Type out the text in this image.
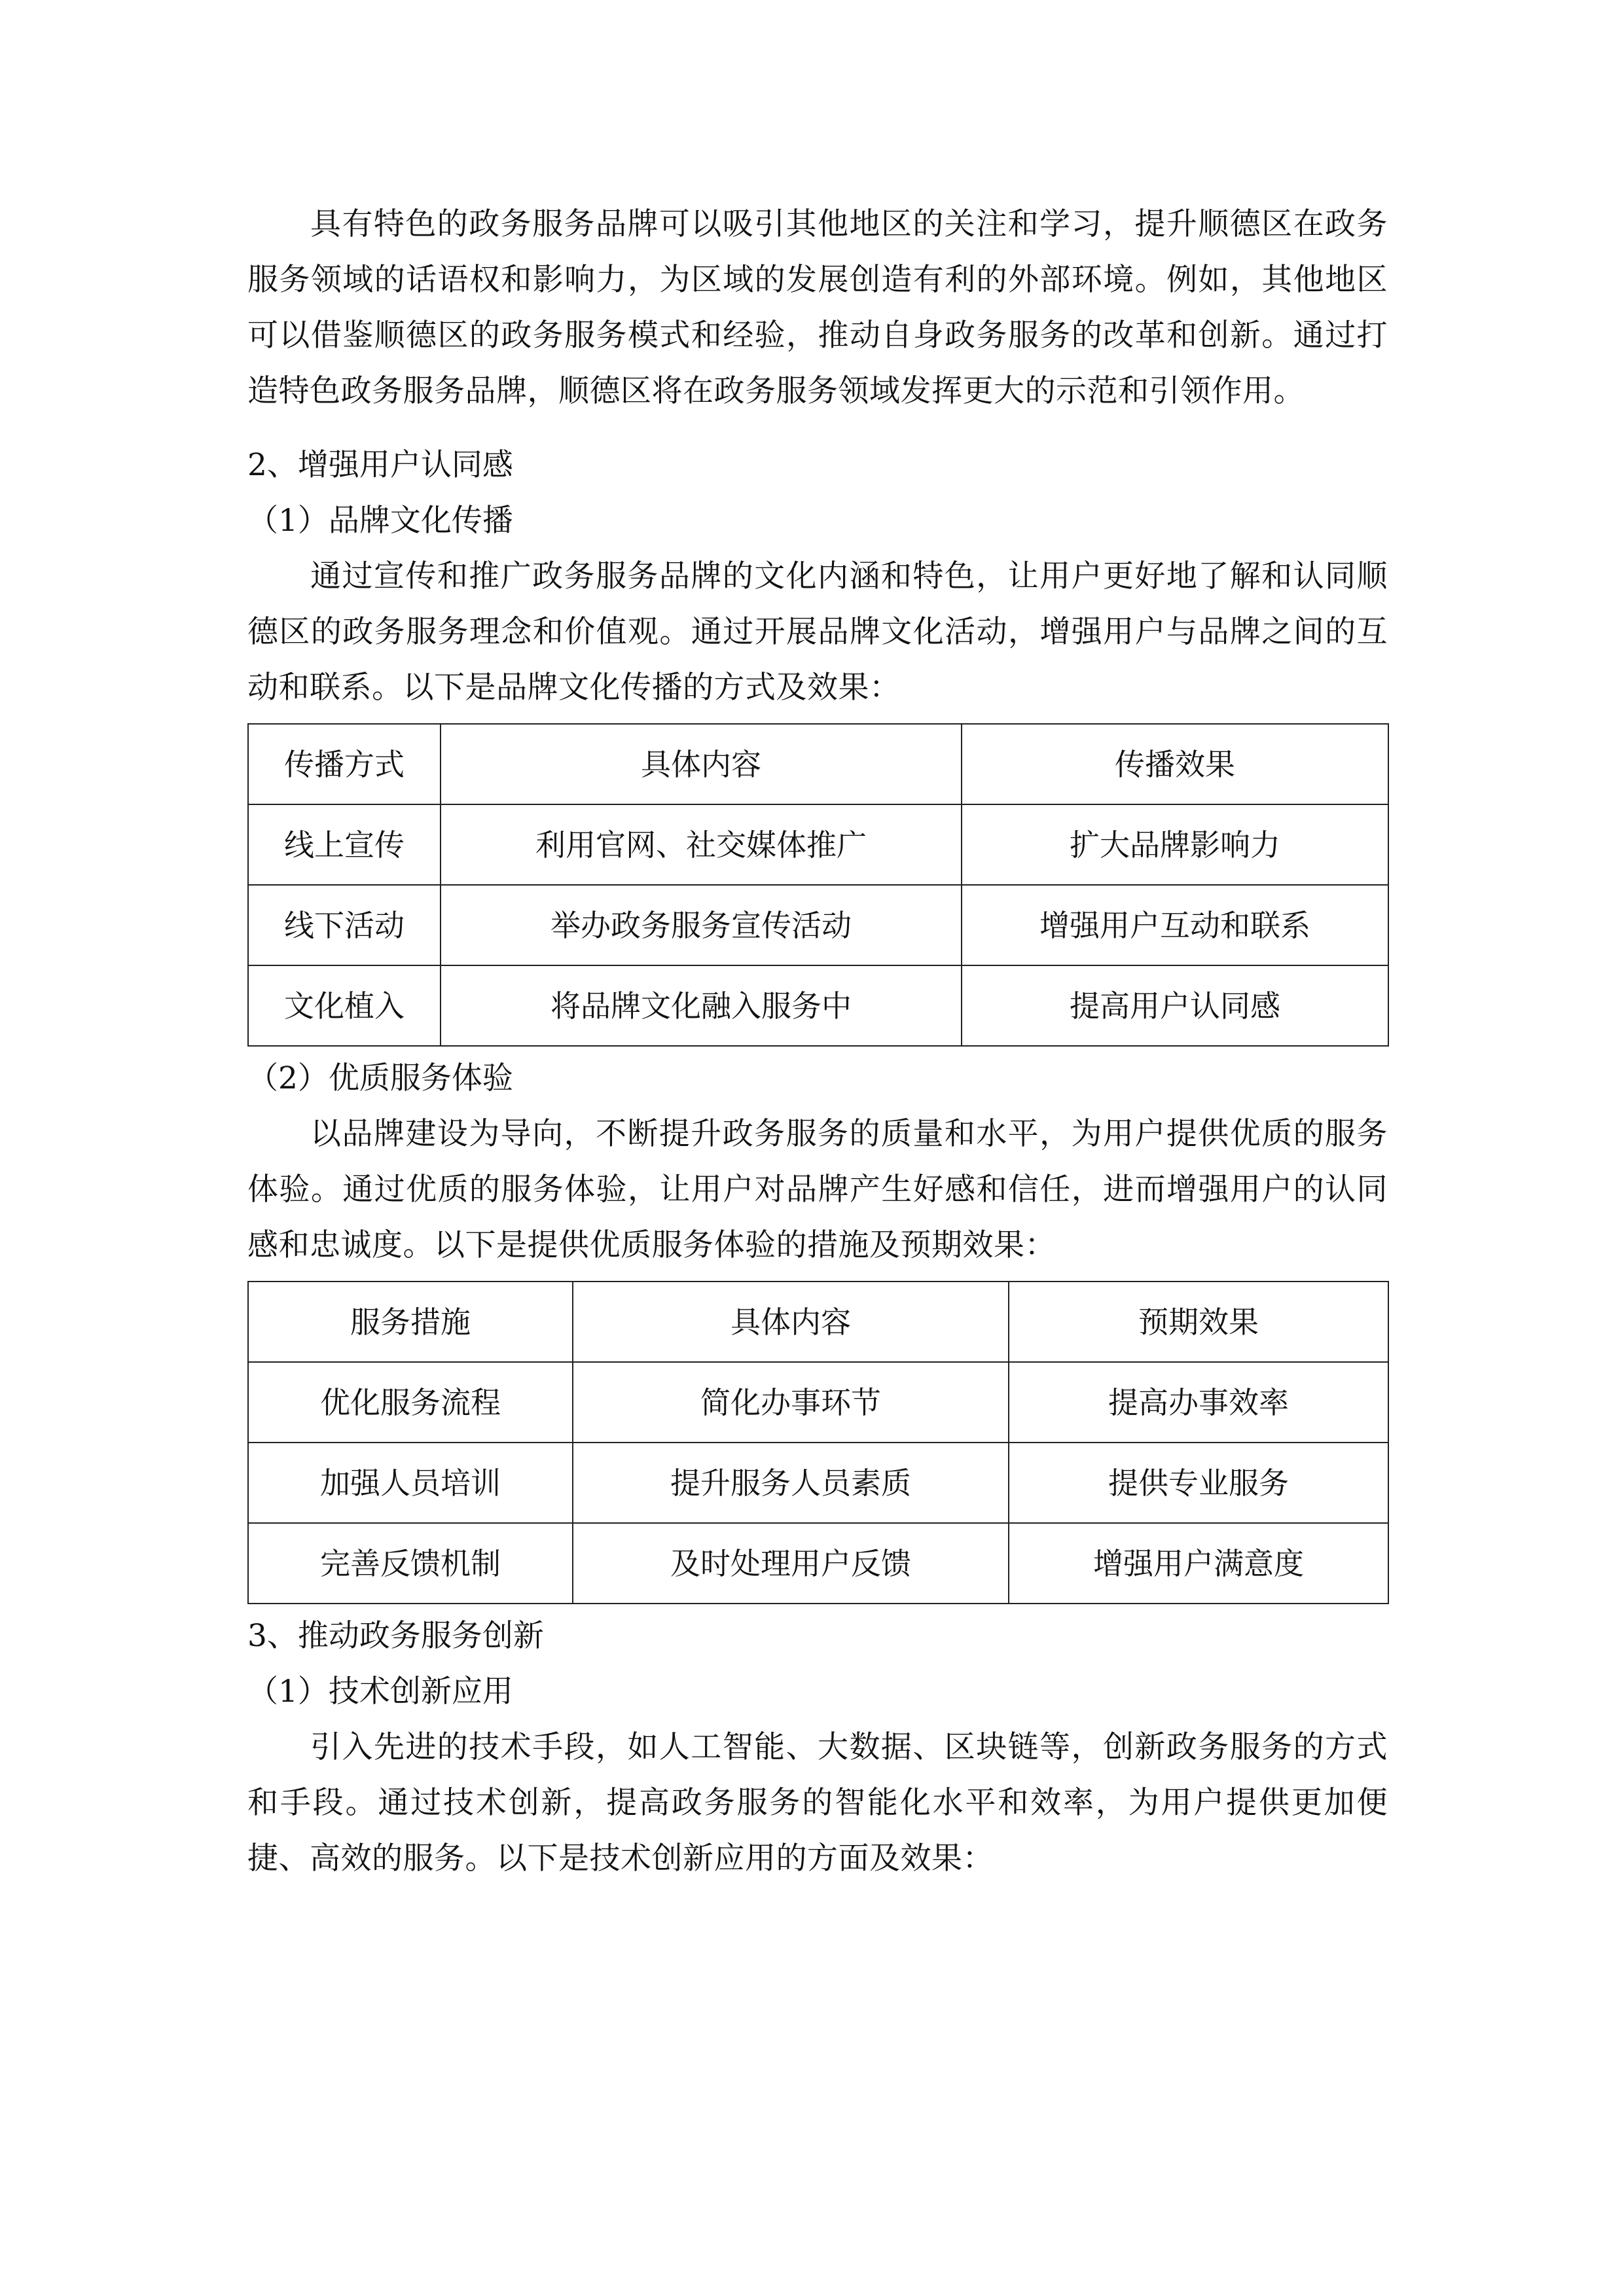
具有特色的政务服务品牌可以吸引其他地区的关注和学习，提升顺德区在政务服务领域的话语权和影响力，为区域的发展创造有利的外部环境。例如，其他地区可以借鉴顺德区的政务服务模式和经验，推动自身政务服务的改革和创新。通过打造特色政务服务品牌，顺德区将在政务服务领域发挥更大的示范和引领作用。

2、增强用户认同感

（1）品牌文化传播

通过宣传和推广政务服务品牌的文化内涵和特色，让用户更好地了解和认同顺德区的政务服务理念和价值观。通过开展品牌文化活动，增强用户与品牌之间的互动和联系。以下是品牌文化传播的方式及效果：

传播方式	具体内容	传播效果
线上宣传	利用官网、社交媒体推广	扩大品牌影响力
线下活动	举办政务服务宣传活动	增强用户互动和联系
文化植入	将品牌文化融入服务中	提高用户认同感

（2）优质服务体验

以品牌建设为导向，不断提升政务服务的质量和水平，为用户提供优质的服务体验。通过优质的服务体验，让用户对品牌产生好感和信任，进而增强用户的认同感和忠诚度。以下是提供优质服务体验的措施及预期效果：

服务措施	具体内容	预期效果
优化服务流程	简化办事环节	提高办事效率
加强人员培训	提升服务人员素质	提供专业服务
完善反馈机制	及时处理用户反馈	增强用户满意度

3、推动政务服务创新

（1）技术创新应用

引入先进的技术手段，如人工智能、大数据、区块链等，创新政务服务的方式和手段。通过技术创新，提高政务服务的智能化水平和效率，为用户提供更加便捷、高效的服务。以下是技术创新应用的方面及效果：
